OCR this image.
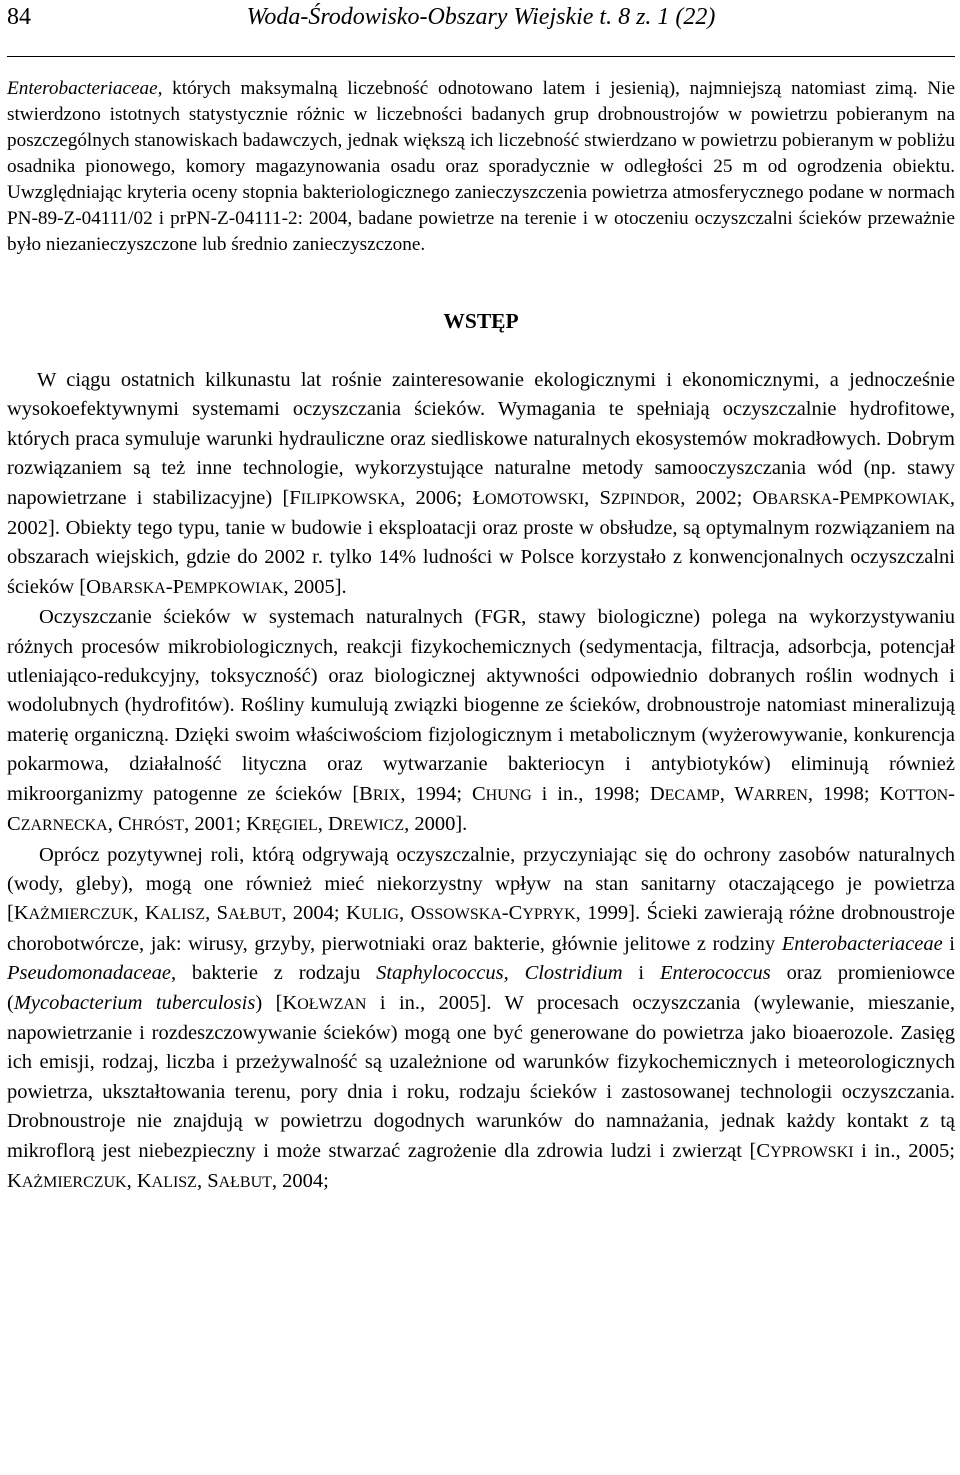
84	Woda-Środowisko-Obszary Wiejskie t. 8 z. 1 (22)
Enterobacteriaceae, których maksymalną liczebność odnotowano latem i jesienią), najmniejszą natomiast zimą. Nie stwierdzono istotnych statystycznie różnic w liczebności badanych grup drobnoustrojów w powietrzu pobieranym na poszczególnych stanowiskach badawczych, jednak większą ich liczebność stwierdzano w powietrzu pobieranym w pobliżu osadnika pionowego, komory magazynowania osadu oraz sporadycznie w odległości 25 m od ogrodzenia obiektu. Uwzględniając kryteria oceny stopnia bakteriologicznego zanieczyszczenia powietrza atmosferycznego podane w normach PN-89-Z-04111/02 i prPN-Z-04111-2: 2004, badane powietrze na terenie i w otoczeniu oczyszczalni ścieków przeważnie było niezanieczyszczone lub średnio zanieczyszczone.
WSTĘP

W ciągu ostatnich kilkunastu lat rośnie zainteresowanie ekologicznymi i ekonomicznymi, a jednocześnie wysokoefektywnymi systemami oczyszczania ścieków. Wymagania te spełniają oczyszczalnie hydrofitowe, których praca symuluje warunki hydrauliczne oraz siedliskowe naturalnych ekosystemów mokradłowych. Dobrym rozwiązaniem są też inne technologie, wykorzystujące naturalne metody samooczyszczania wód (np. stawy napowietrzane i stabilizacyjne) [FILIPKOWSKA, 2006; ŁOMOTOWSKI, SZPINDOR, 2002; OBARSKA-PEMPKOWIAK, 2002]. Obiekty tego typu, tanie w budowie i eksploatacji oraz proste w obsłudze, są optymalnym rozwiązaniem na obszarach wiejskich, gdzie do 2002 r. tylko 14% ludności w Polsce korzystało z konwencjonalnych oczyszczalni ścieków [OBARSKA-PEMPKOWIAK, 2005].

Oczyszczanie ścieków w systemach naturalnych (FGR, stawy biologiczne) polega na wykorzystywaniu różnych procesów mikrobiologicznych, reakcji fizykochemicznych (sedymentacja, filtracja, adsorbcja, potencjał utleniająco-redukcyjny, toksyczność) oraz biologicznej aktywności odpowiednio dobranych roślin wodnych i wodolubnych (hydrofitów). Rośliny kumulują związki biogenne ze ścieków, drobnoustroje natomiast mineralizują materię organiczną. Dzięki swoim właściwościom fizjologicznym i metabolicznym (wyżerowywanie, konkurencja pokarmowa, działalność lityczna oraz wytwarzanie bakteriocyn i antybiotyków) eliminują również mikroorganizmy patogenne ze ścieków [BRIX, 1994; CHUNG i in., 1998; DECAMP, WARREN, 1998; KOTTON-CZARNECKA, CHRÓST, 2001; KRĘGIEL, DREWICZ, 2000].

Oprócz pozytywnej roli, którą odgrywają oczyszczalnie, przyczyniając się do ochrony zasobów naturalnych (wody, gleby), mogą one również mieć niekorzystny wpływ na stan sanitarny otaczającego je powietrza [KAŻMIERCZUK, KALISZ, SAŁBUT, 2004; KULIG, OSSOWSKA-CYPRYK, 1999]. Ścieki zawierają różne drobnoustroje chorobotwórcze, jak: wirusy, grzyby, pierwotniaki oraz bakterie, głównie jelitowe z rodziny Enterobacteriaceae i Pseudomonadaceae, bakterie z rodzaju Staphylococcus, Clostridium i Enterococcus oraz promieniowce (Mycobacterium tuberculosis) [KOŁWZAN i in., 2005]. W procesach oczyszczania (wylewanie, mieszanie, napowietrzanie i rozdeszczowywanie ścieków) mogą one być generowane do powietrza jako bioaerozole. Zasięg ich emisji, rodzaj, liczba i przeżywalność są uzależnione od warunków fizykochemicznych i meteorologicznych powietrza, ukształtowania terenu, pory dnia i roku, rodzaju ścieków i zastosowanej technologii oczyszczania. Drobnoustroje nie znajdują w powietrzu dogodnych warunków do namnażania, jednak każdy kontakt z tą mikroflorą jest niebezpieczny i może stwarzać zagrożenie dla zdrowia ludzi i zwierząt [CYPROWSKI i in., 2005; KAŻMIERCZUK, KALISZ, SAŁBUT, 2004;
